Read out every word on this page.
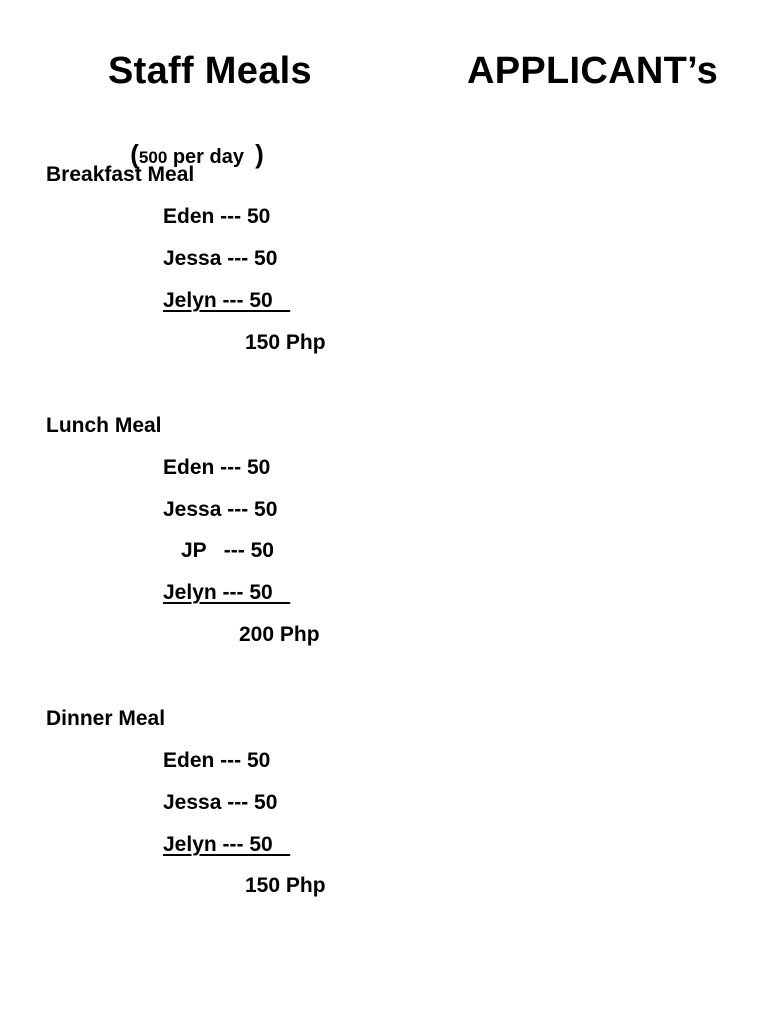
Staff Meals	APPLICANT’s

(500 per day  )

Breakfast Meal
Eden --- 50
Jessa --- 50
Jelyn --- 50
150 Php
Lunch Meal
Eden --- 50
Jessa --- 50
JP   --- 50
Jelyn --- 50
200 Php
Dinner Meal
Eden --- 50
Jessa --- 50
Jelyn --- 50
150 Php
